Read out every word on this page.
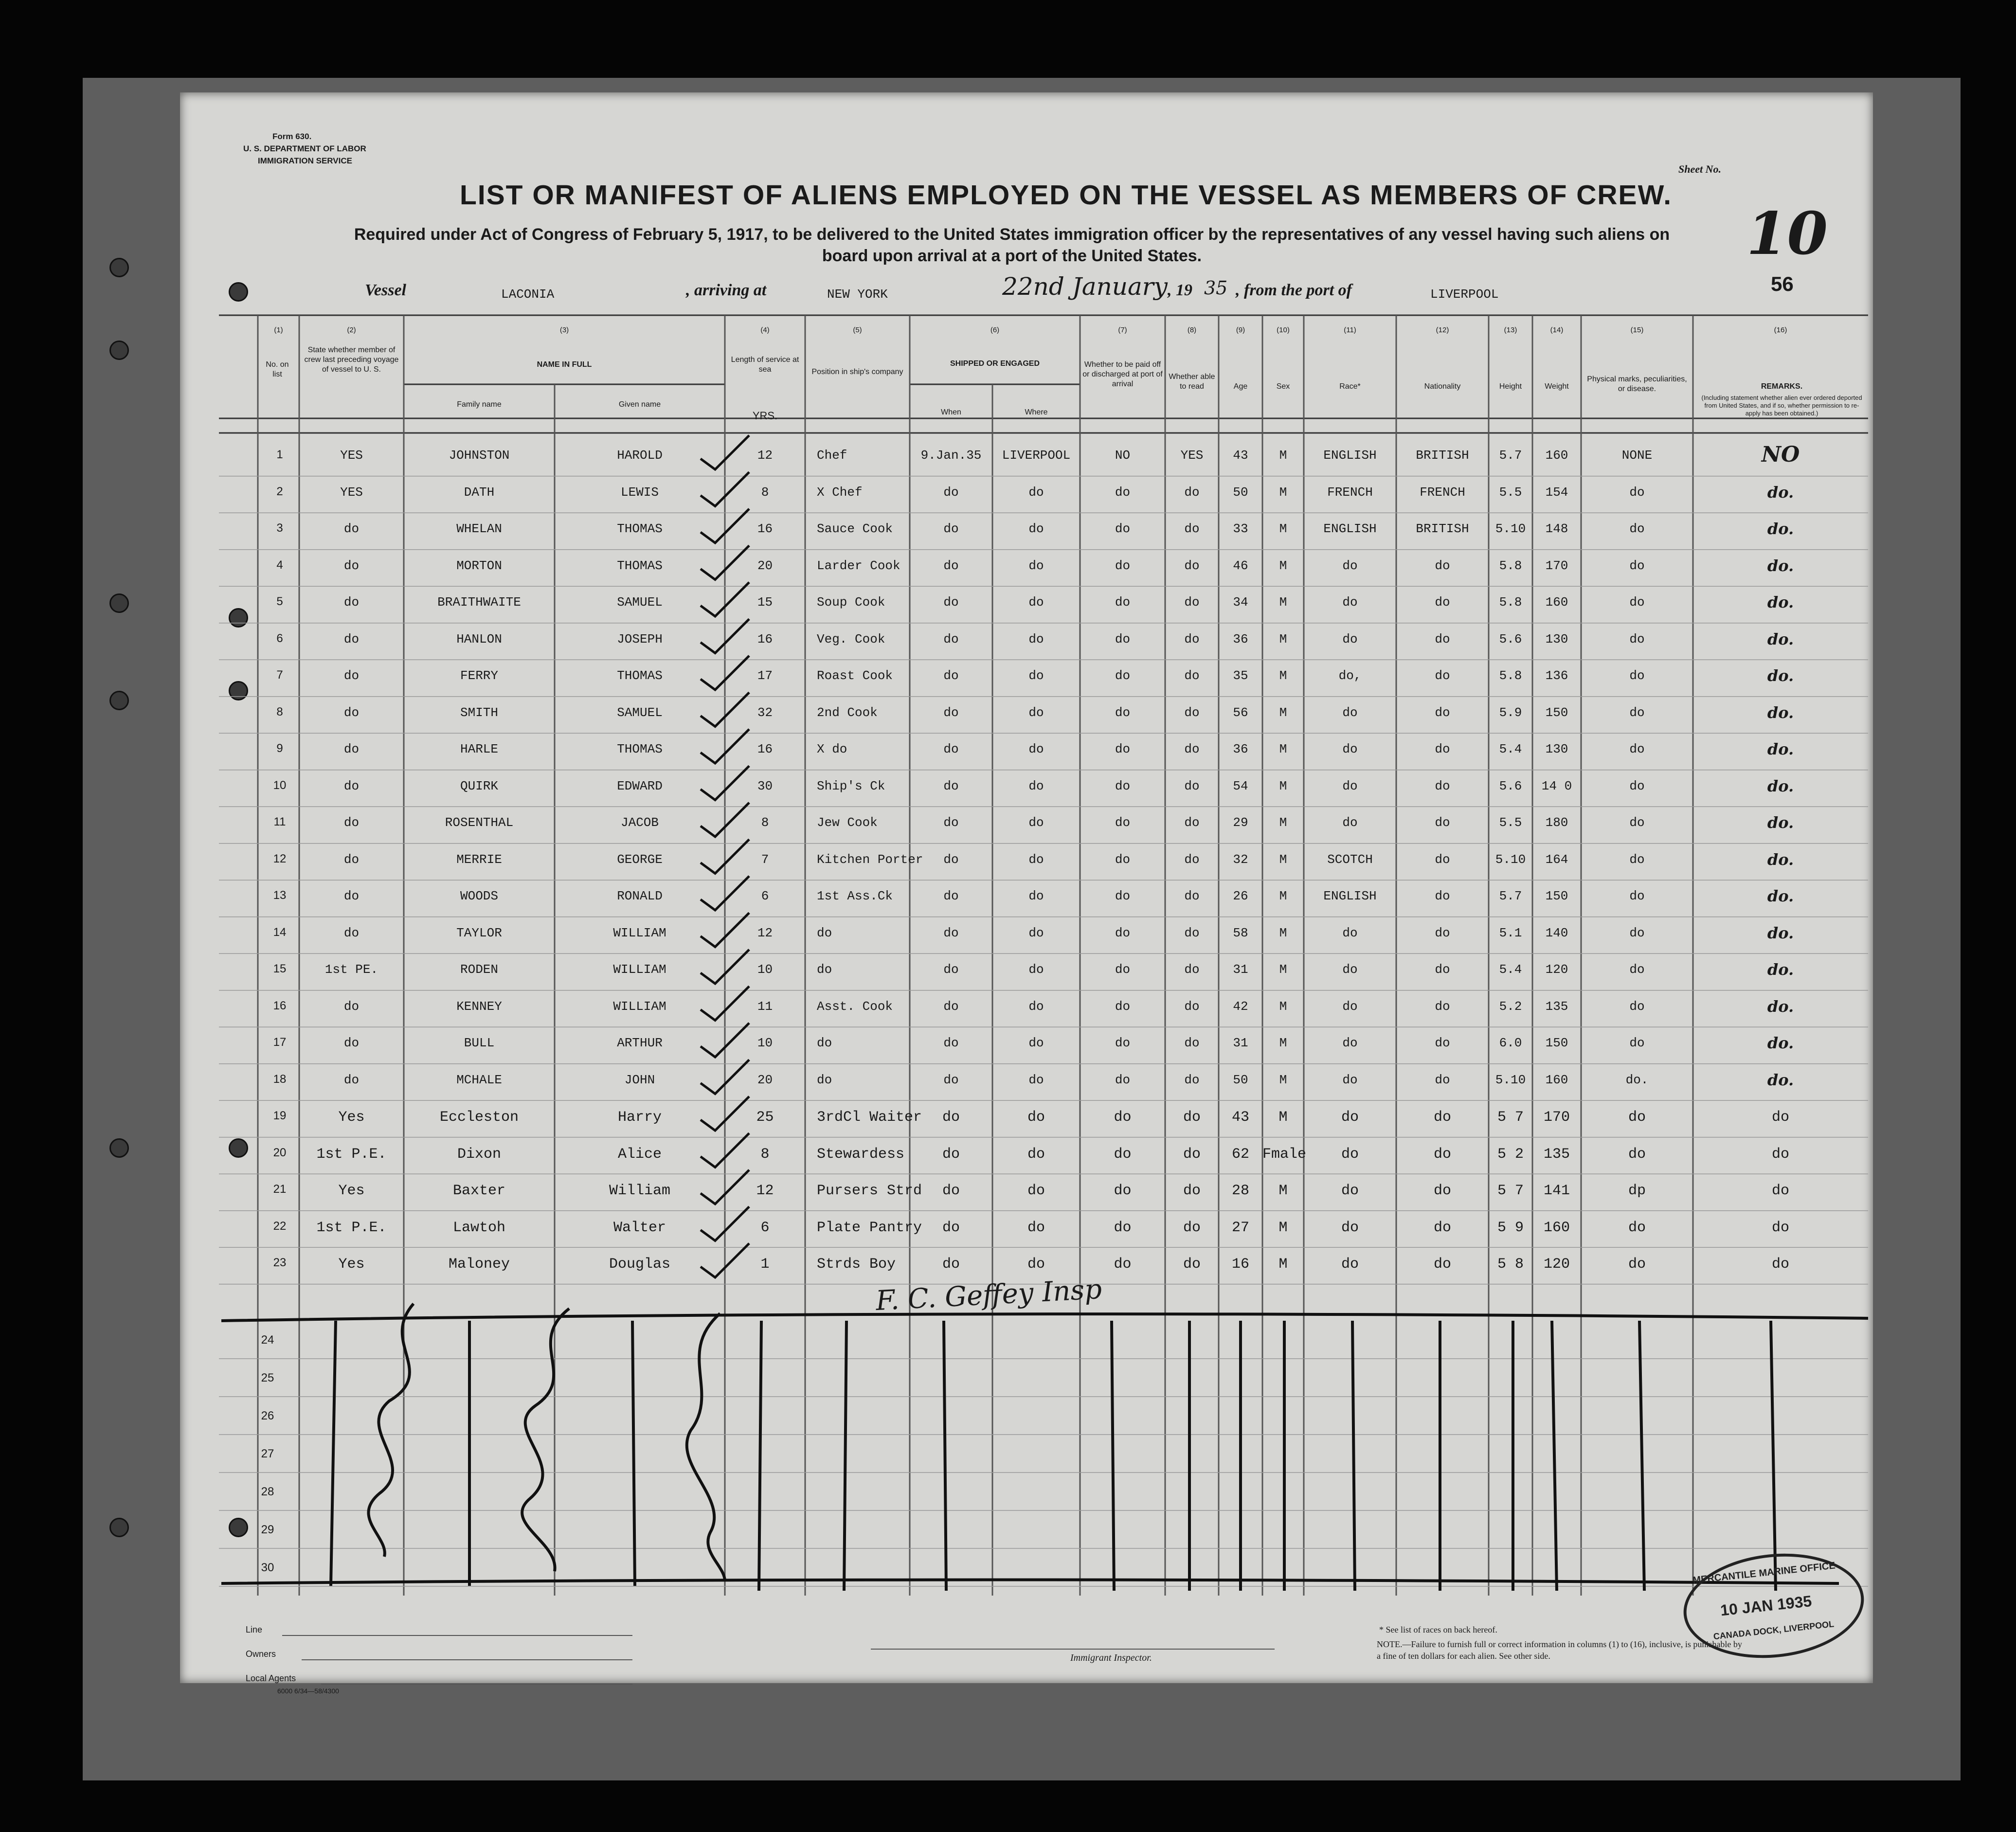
Form 630.
U. S. DEPARTMENT OF LABOR
IMMIGRATION SERVICE
Sheet No.
10
56
LIST OR MANIFEST OF ALIENS EMPLOYED ON THE VESSEL AS MEMBERS OF CREW.
Required under Act of Congress of February 5, 1917, to be delivered to the United States immigration officer by the representatives of any vessel having such aliens on board upon arrival at a port of the United States.
Vessel	LACONIA	, arriving at	NEW YORK	22nd January , 19 35 , from the port of	LIVERPOOL
(1)	(2)	(3)	(4)	(5)	(6)	(7)	(8)	(9)	(10)	(11)	(12)	(13)	(14)	(15)	(16)
No. on list
State whether member of crew last preceding voyage of vessel to U. S.
NAME IN FULL
Family name	Given name
Length of service at sea
YRS.
Position in ship's company
SHIPPED OR ENGAGED
When	Where
Whether to be paid off or discharged at port of arrival
Whether able to read	Age	Sex	Race*	Nationality	Height	Weight
Physical marks, peculiarities, or disease.	REMARKS.
(Including statement whether alien ever ordered deported from United States, and if so, whether permission to re-apply has been obtained.)
1	YES	JOHNSTON	HAROLD	12	Chef	9.Jan.35	LIVERPOOL	NO	YES	43	M	ENGLISH	BRITISH	5.7	160	NONE	NO
2	YES	DATH	LEWIS	8	X Chef	do	do	do	do	50	M	FRENCH	FRENCH	5.5	154	do	do.
3	do	WHELAN	THOMAS	16	Sauce Cook	do	do	do	do	33	M	ENGLISH	BRITISH	5.10	148	do	do.
4	do	MORTON	THOMAS	20	Larder Cook	do	do	do	do	46	M	do	do	5.8	170	do	do.
5	do	BRAITHWAITE	SAMUEL	15	Soup Cook	do	do	do	do	34	M	do	do	5.8	160	do	do.
6	do	HANLON	JOSEPH	16	Veg. Cook	do	do	do	do	36	M	do	do	5.6	130	do	do.
7	do	FERRY	THOMAS	17	Roast Cook	do	do	do	do	35	M	do,	do	5.8	136	do	do.
8	do	SMITH	SAMUEL	32	2nd Cook	do	do	do	do	56	M	do	do	5.9	150	do	do.
9	do	HARLE	THOMAS	16	X do	do	do	do	do	36	M	do	do	5.4	130	do	do.
10	do	QUIRK	EDWARD	30	Ship's Ck	do	do	do	do	54	M	do	do	5.6	14 0	do	do.
11	do	ROSENTHAL	JACOB	8	Jew Cook	do	do	do	do	29	M	do	do	5.5	180	do	do.
12	do	MERRIE	GEORGE	7	Kitchen Porter	do	do	do	do	32	M	SCOTCH	do	5.10	164	do	do.
13	do	WOODS	RONALD	6	1st Ass.Ck	do	do	do	do	26	M	ENGLISH	do	5.7	150	do	do.
14	do	TAYLOR	WILLIAM	12	do	do	do	do	do	58	M	do	do	5.1	140	do	do.
15	1st PE.	RODEN	WILLIAM	10	do	do	do	do	do	31	M	do	do	5.4	120	do	do.
16	do	KENNEY	WILLIAM	11	Asst. Cook	do	do	do	do	42	M	do	do	5.2	135	do	do.
17	do	BULL	ARTHUR	10	do	do	do	do	do	31	M	do	do	6.0	150	do	do.
18	do	MCHALE	JOHN	20	do	do	do	do	do	50	M	do	do	5.10	160	do.	do.
19	Yes	Eccleston	Harry	25	3rdCl Waiter	do	do	do	do	43	M	do	do	5 7	170	do	do
20	1st P.E.	Dixon	Alice	8	Stewardess	do	do	do	do	62 Fmale	do	do	5 2	135	do	do
21	Yes	Baxter	William	12	Pursers Strd	do	do	do	do	28	M	do	do	5 7	141	dp	do
22	1st P.E.	Lawtoh	Walter	6	Plate Pantry	do	do	do	do	27	M	do	do	5 9	160	do	do
23	Yes	Maloney	Douglas	1	Strds Boy	do	do	do	do	16	M	do	do	5 8	120	do	do
24
25
26
27
28
29
30
F. C. Geffey Insp
Line
Owners
Local Agents
6000 6/34—58/4300
Immigrant Inspector.
* See list of races on back hereof.
NOTE.—Failure to furnish full or correct information in columns (1) to (16), inclusive, is punishable by a fine of ten dollars for each alien. See other side.
MERCANTILE MARINE OFFICE
10 JAN 1935
CANADA DOCK, LIVERPOOL
